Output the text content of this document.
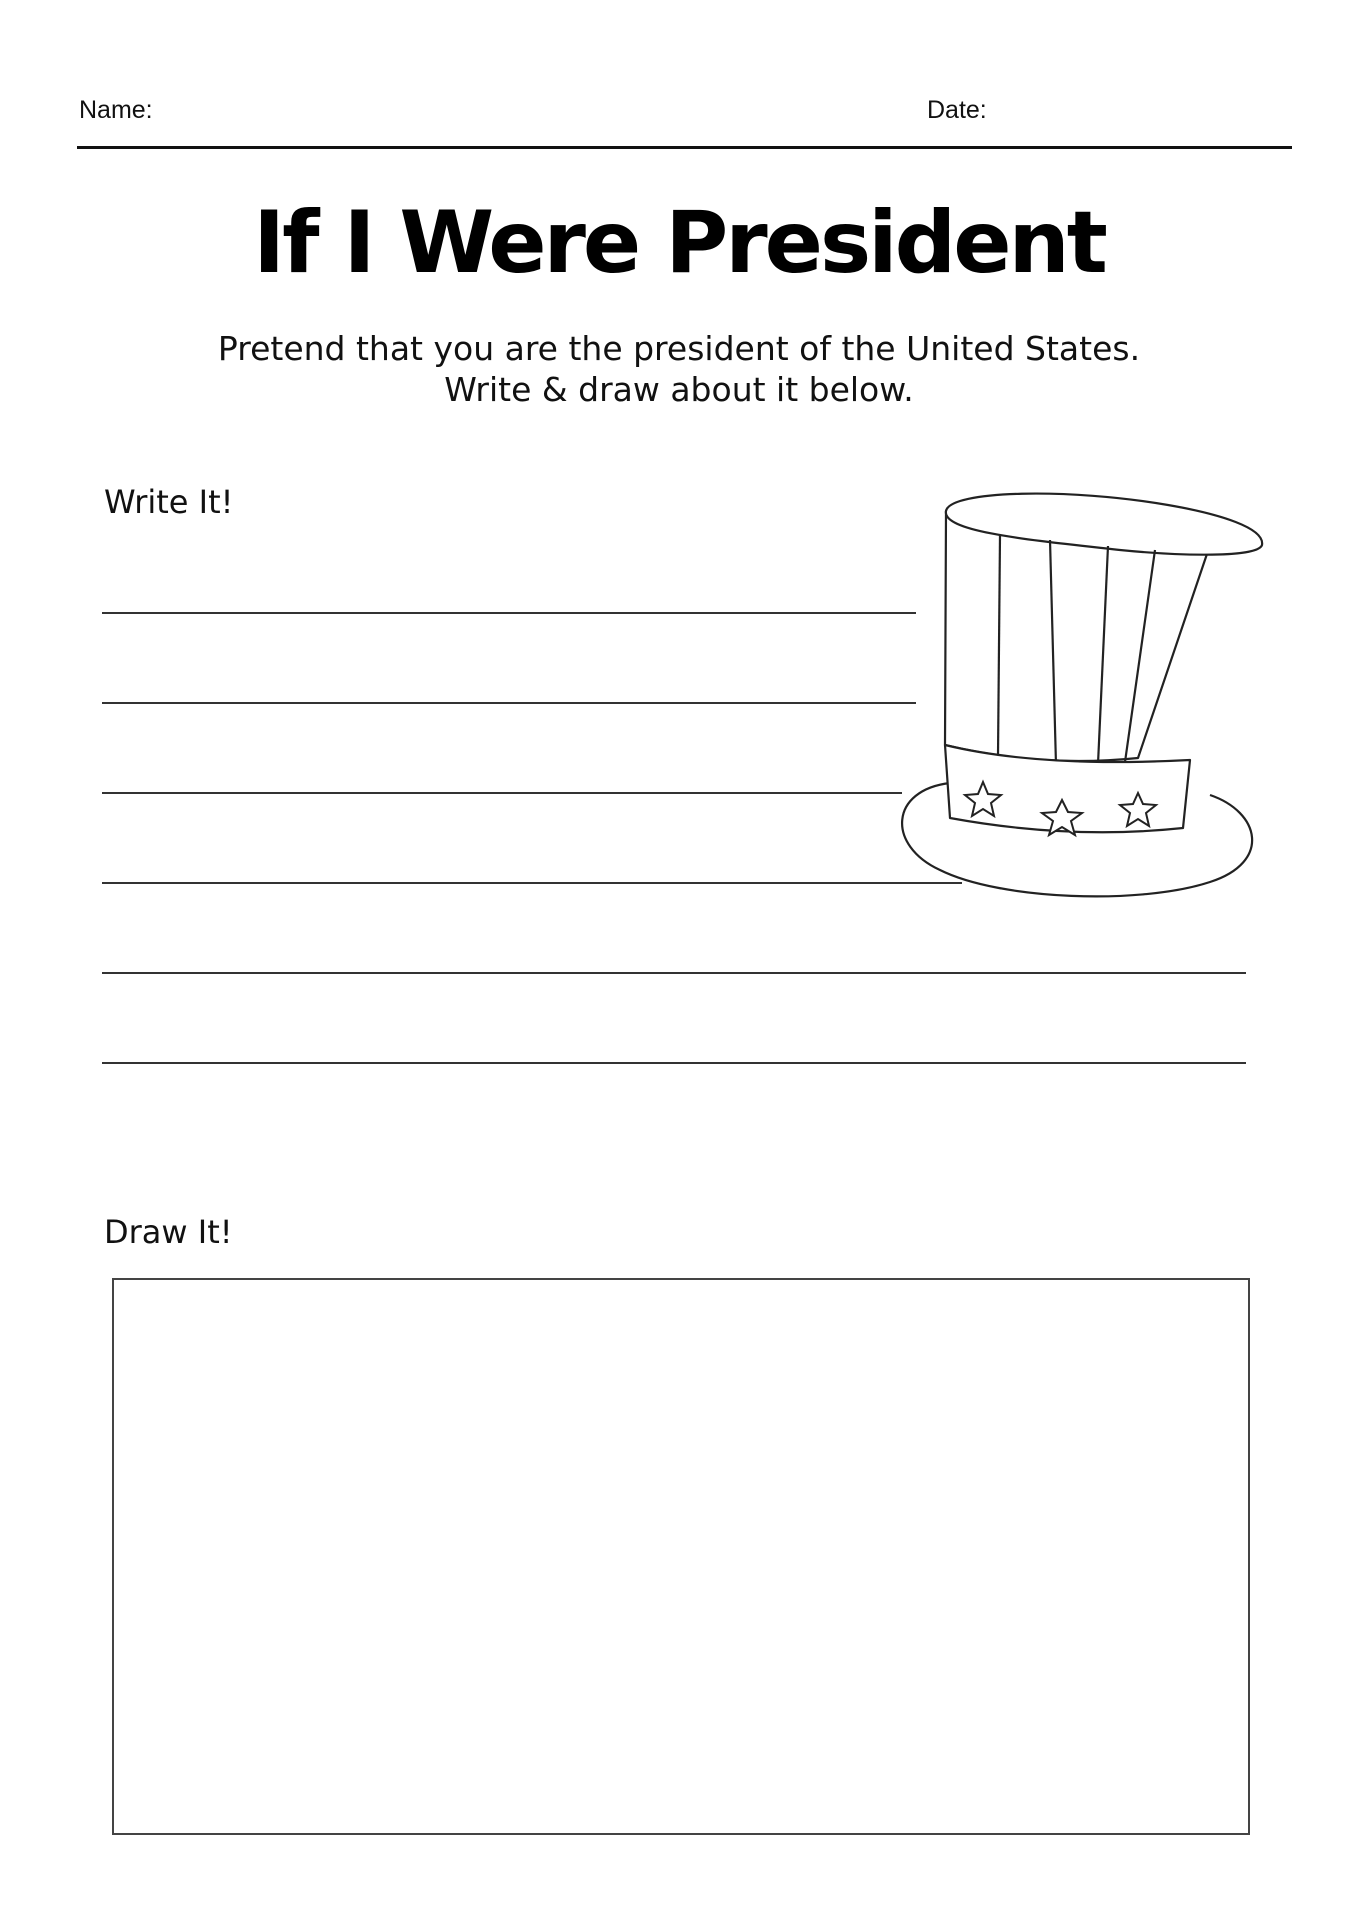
Name:	Date:
If I Were President
Pretend that you are the president of the United States.
Write & draw about it below.
Write It!
Draw It!
